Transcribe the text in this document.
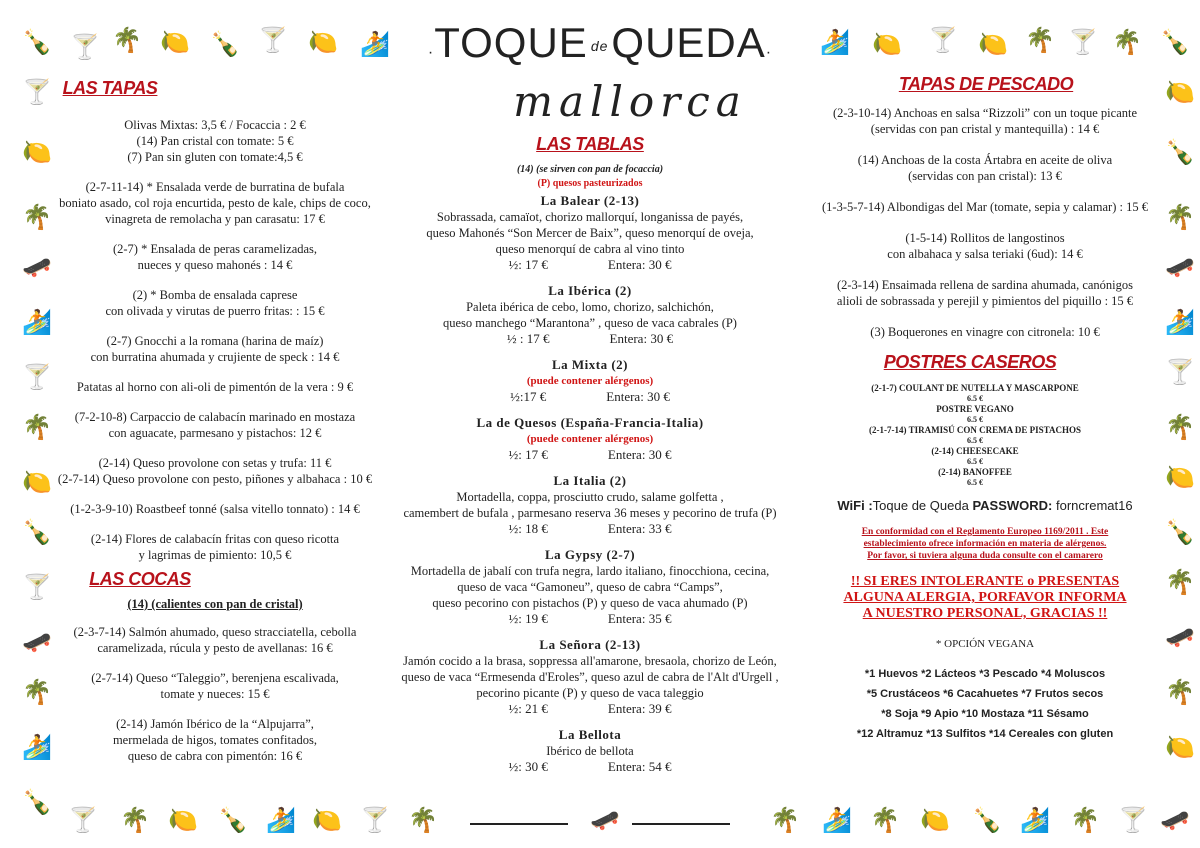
🍾 🍸 🌴 🍋 🍾 🍸 🍋 🏄	🏄 🍋 🍸 🍋 🌴 🍸 🌴 🍾
🍸
🍋
🌴
🛹
🏄
🍸
🌴
🍋
🍾
🍸
🛹
🌴
🏄
🍾
🍸 🌴 🍋 🍾 🏄 🍋 🍸 🌴	🛹	🌴 🏄 🌴 🍋 🍾 🏄 🌴 🍸 🛹
🍋
🍾
🌴
🛹
🏄
🍸
🌴
🍋
🍾
🌴
🛹
🌴
🍋
·TOQUE deQUEDA·
mallorca
LAS TAPAS
Olivas Mixtas: 3,5 € / Focaccia : 2 €
(14) Pan cristal con tomate: 5 €
(7) Pan sin gluten con tomate:4,5 €
(2-7-11-14) * Ensalada verde de burratina de bufala
boniato asado, col roja encurtida, pesto de kale, chips de coco,
vinagreta de remolacha y pan carasatu: 17 €
(2-7) * Ensalada de peras caramelizadas,
nueces y queso mahonés : 14 €
(2) * Bomba de ensalada caprese
con olivada y virutas de puerro fritas: : 15 €
(2-7) Gnocchi a la romana (harina de maíz)
con burratina ahumada y crujiente de speck : 14 €
Patatas al horno con ali-oli de pimentón de la vera : 9 €
(7-2-10-8) Carpaccio de calabacín marinado en mostaza
con aguacate, parmesano y pistachos: 12 €
(2-14) Queso provolone con setas y trufa: 11 €
(2-7-14) Queso provolone con pesto, piñones y albahaca : 10 €
(1-2-3-9-10) Roastbeef tonné (salsa vitello tonnato) : 14 €
(2-14) Flores de calabacín fritas con queso ricotta
y lagrimas de pimiento: 10,5 €
LAS COCAS
(14) (calientes con pan de cristal)
(2-3-7-14) Salmón ahumado, queso stracciatella, cebolla
caramelizada, rúcula y pesto de avellanas: 16 €
(2-7-14) Queso “Taleggio”, berenjena escalivada,
tomate y nueces: 15 €
(2-14) Jamón Ibérico de la “Alpujarra”,
mermelada de higos, tomates confitados,
queso de cabra con pimentón: 16 €
LAS TABLAS
(14) (se sirven con pan de focaccia)
(P) quesos pasteurizados
La Balear (2-13)
Sobrassada, camaïot, chorizo mallorquí, longanissa de payés,
queso Mahonés “Son Mercer de Baix”, queso menorquí de oveja,
queso menorquí de cabra al vino tinto
½: 17 €	Entera: 30 €
La Ibérica (2)
Paleta ibérica de cebo, lomo, chorizo, salchichón,
queso manchego “Marantona” , queso de vaca cabrales (P)
½ : 17 €	Entera: 30 €
La Mixta (2)
(puede contener alérgenos)
½:17 €	Entera: 30 €
La de Quesos (España-Francia-Italia)
(puede contener alérgenos)
½: 17 €	Entera: 30 €
La Italia (2)
Mortadella, coppa, prosciutto crudo, salame golfetta ,
camembert de bufala , parmesano reserva 36 meses y pecorino de trufa (P)
½: 18 €	Entera: 33 €
La Gypsy (2-7)
Mortadella de jabalí con trufa negra, lardo italiano, finocchiona, cecina,
queso de vaca “Gamoneu”, queso de cabra “Camps”,
queso pecorino con pistachos (P) y queso de vaca ahumado (P)
½: 19 €	Entera: 35 €
La Señora (2-13)
Jamón cocido a la brasa, soppressa all'amarone, bresaola, chorizo de León,
queso de vaca “Ermesenda d'Eroles”, queso azul de cabra de l'Alt d'Urgell ,
pecorino picante (P) y queso de vaca taleggio
½: 21 €	Entera: 39 €
La Bellota
Ibérico de bellota
½: 30 €	Entera: 54 €
TAPAS DE PESCADO
(2-3-10-14) Anchoas en salsa “Rizzoli” con un toque picante
(servidas con pan cristal y mantequilla) : 14 €
(14) Anchoas de la costa Ártabra en aceite de oliva
(servidas con pan cristal): 13 €
(1-3-5-7-14) Albondigas del Mar (tomate, sepia y calamar) : 15 €
(1-5-14) Rollitos de langostinos
con albahaca y salsa teriaki (6ud): 14 €
(2-3-14) Ensaimada rellena de sardina ahumada, canónigos
alioli de sobrassada y perejil y pimientos del piquillo : 15 €
(3) Boquerones en vinagre con citronela: 10 €
POSTRES CASEROS
(2-1-7) COULANT DE NUTELLA Y MASCARPONE
6.5 €
POSTRE VEGANO
6.5 €
(2-1-7-14) TIRAMISÚ CON CREMA DE PISTACHOS
6.5 €
(2-14) CHEESECAKE
6.5 €
(2-14) BANOFFEE
6.5 €
WiFi :Toque de Queda PASSWORD: forncremat16
En conformidad con el Reglamento Europeo 1169/2011 . Este
establecimiento ofrece información en materia de alérgenos.
Por favor, si tuviera alguna duda consulte con el camarero
!! SI ERES INTOLERANTE o PRESENTAS
ALGUNA ALERGIA, PORFAVOR INFORMA
A NUESTRO PERSONAL, GRACIAS !!
* OPCIÓN VEGANA
*1 Huevos *2 Lácteos *3 Pescado *4 Moluscos
*5 Crustáceos *6 Cacahuetes *7 Frutos secos
*8 Soja *9 Apio *10 Mostaza *11 Sésamo
*12 Altramuz *13 Sulfitos *14 Cereales con gluten
